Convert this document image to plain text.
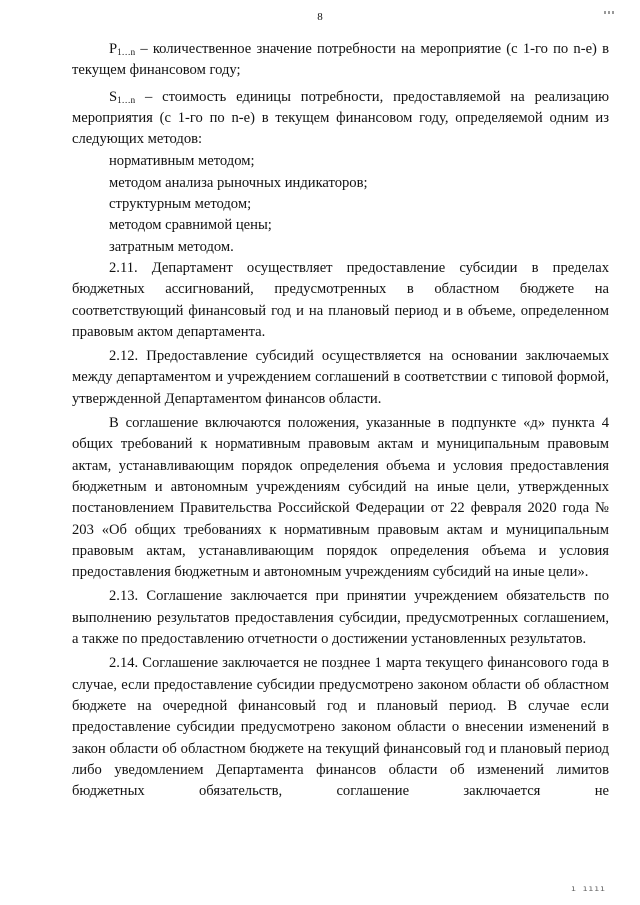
8

$P_{1\dots n}$ – количественное значение потребности на мероприятие (с 1-го по n-е) в текущем финансовом году;

$S_{1\dots n}$ – стоимость единицы потребности, предоставляемой на реализацию мероприятия (с 1-го по n-е) в текущем финансовом году, определяемой одним из следующих методов:

нормативным методом;

методом анализа рыночных индикаторов;

структурным методом;

методом сравнимой цены;

затратным методом.

2.11. Департамент осуществляет предоставление субсидии в пределах бюджетных ассигнований, предусмотренных в областном бюджете на соответствующий финансовый год и на плановый период и в объеме, определенном правовым актом департамента.

2.12. Предоставление субсидий осуществляется на основании заключаемых между департаментом и учреждением соглашений в соответствии с типовой формой, утвержденной Департаментом финансов области.

В соглашение включаются положения, указанные в подпункте «д» пункта 4 общих требований к нормативным правовым актам и муниципальным правовым актам, устанавливающим порядок определения объема и условия предоставления бюджетным и автономным учреждениям субсидий на иные цели, утвержденных постановлением Правительства Российской Федерации от 22 февраля 2020 года № 203 «Об общих требованиях к нормативным правовым актам и муниципальным правовым актам, устанавливающим порядок определения объема и условия предоставления бюджетным и автономным учреждениям субсидий на иные цели».

2.13. Соглашение заключается при принятии учреждением обязательств по выполнению результатов предоставления субсидии, предусмотренных соглашением, а также по предоставлению отчетности о достижении установленных результатов.

2.14. Соглашение заключается не позднее 1 марта текущего финансового года в случае, если предоставление субсидии предусмотрено законом области об областном бюджете на очередной финансовый год и плановый период. В случае если предоставление субсидии предусмотрено законом области о внесении изменений в закон области об областном бюджете на текущий финансовый год и плановый период либо уведомлением Департамента финансов области об изменений лимитов бюджетных обязательств, соглашение заключается не

ı ıııı
